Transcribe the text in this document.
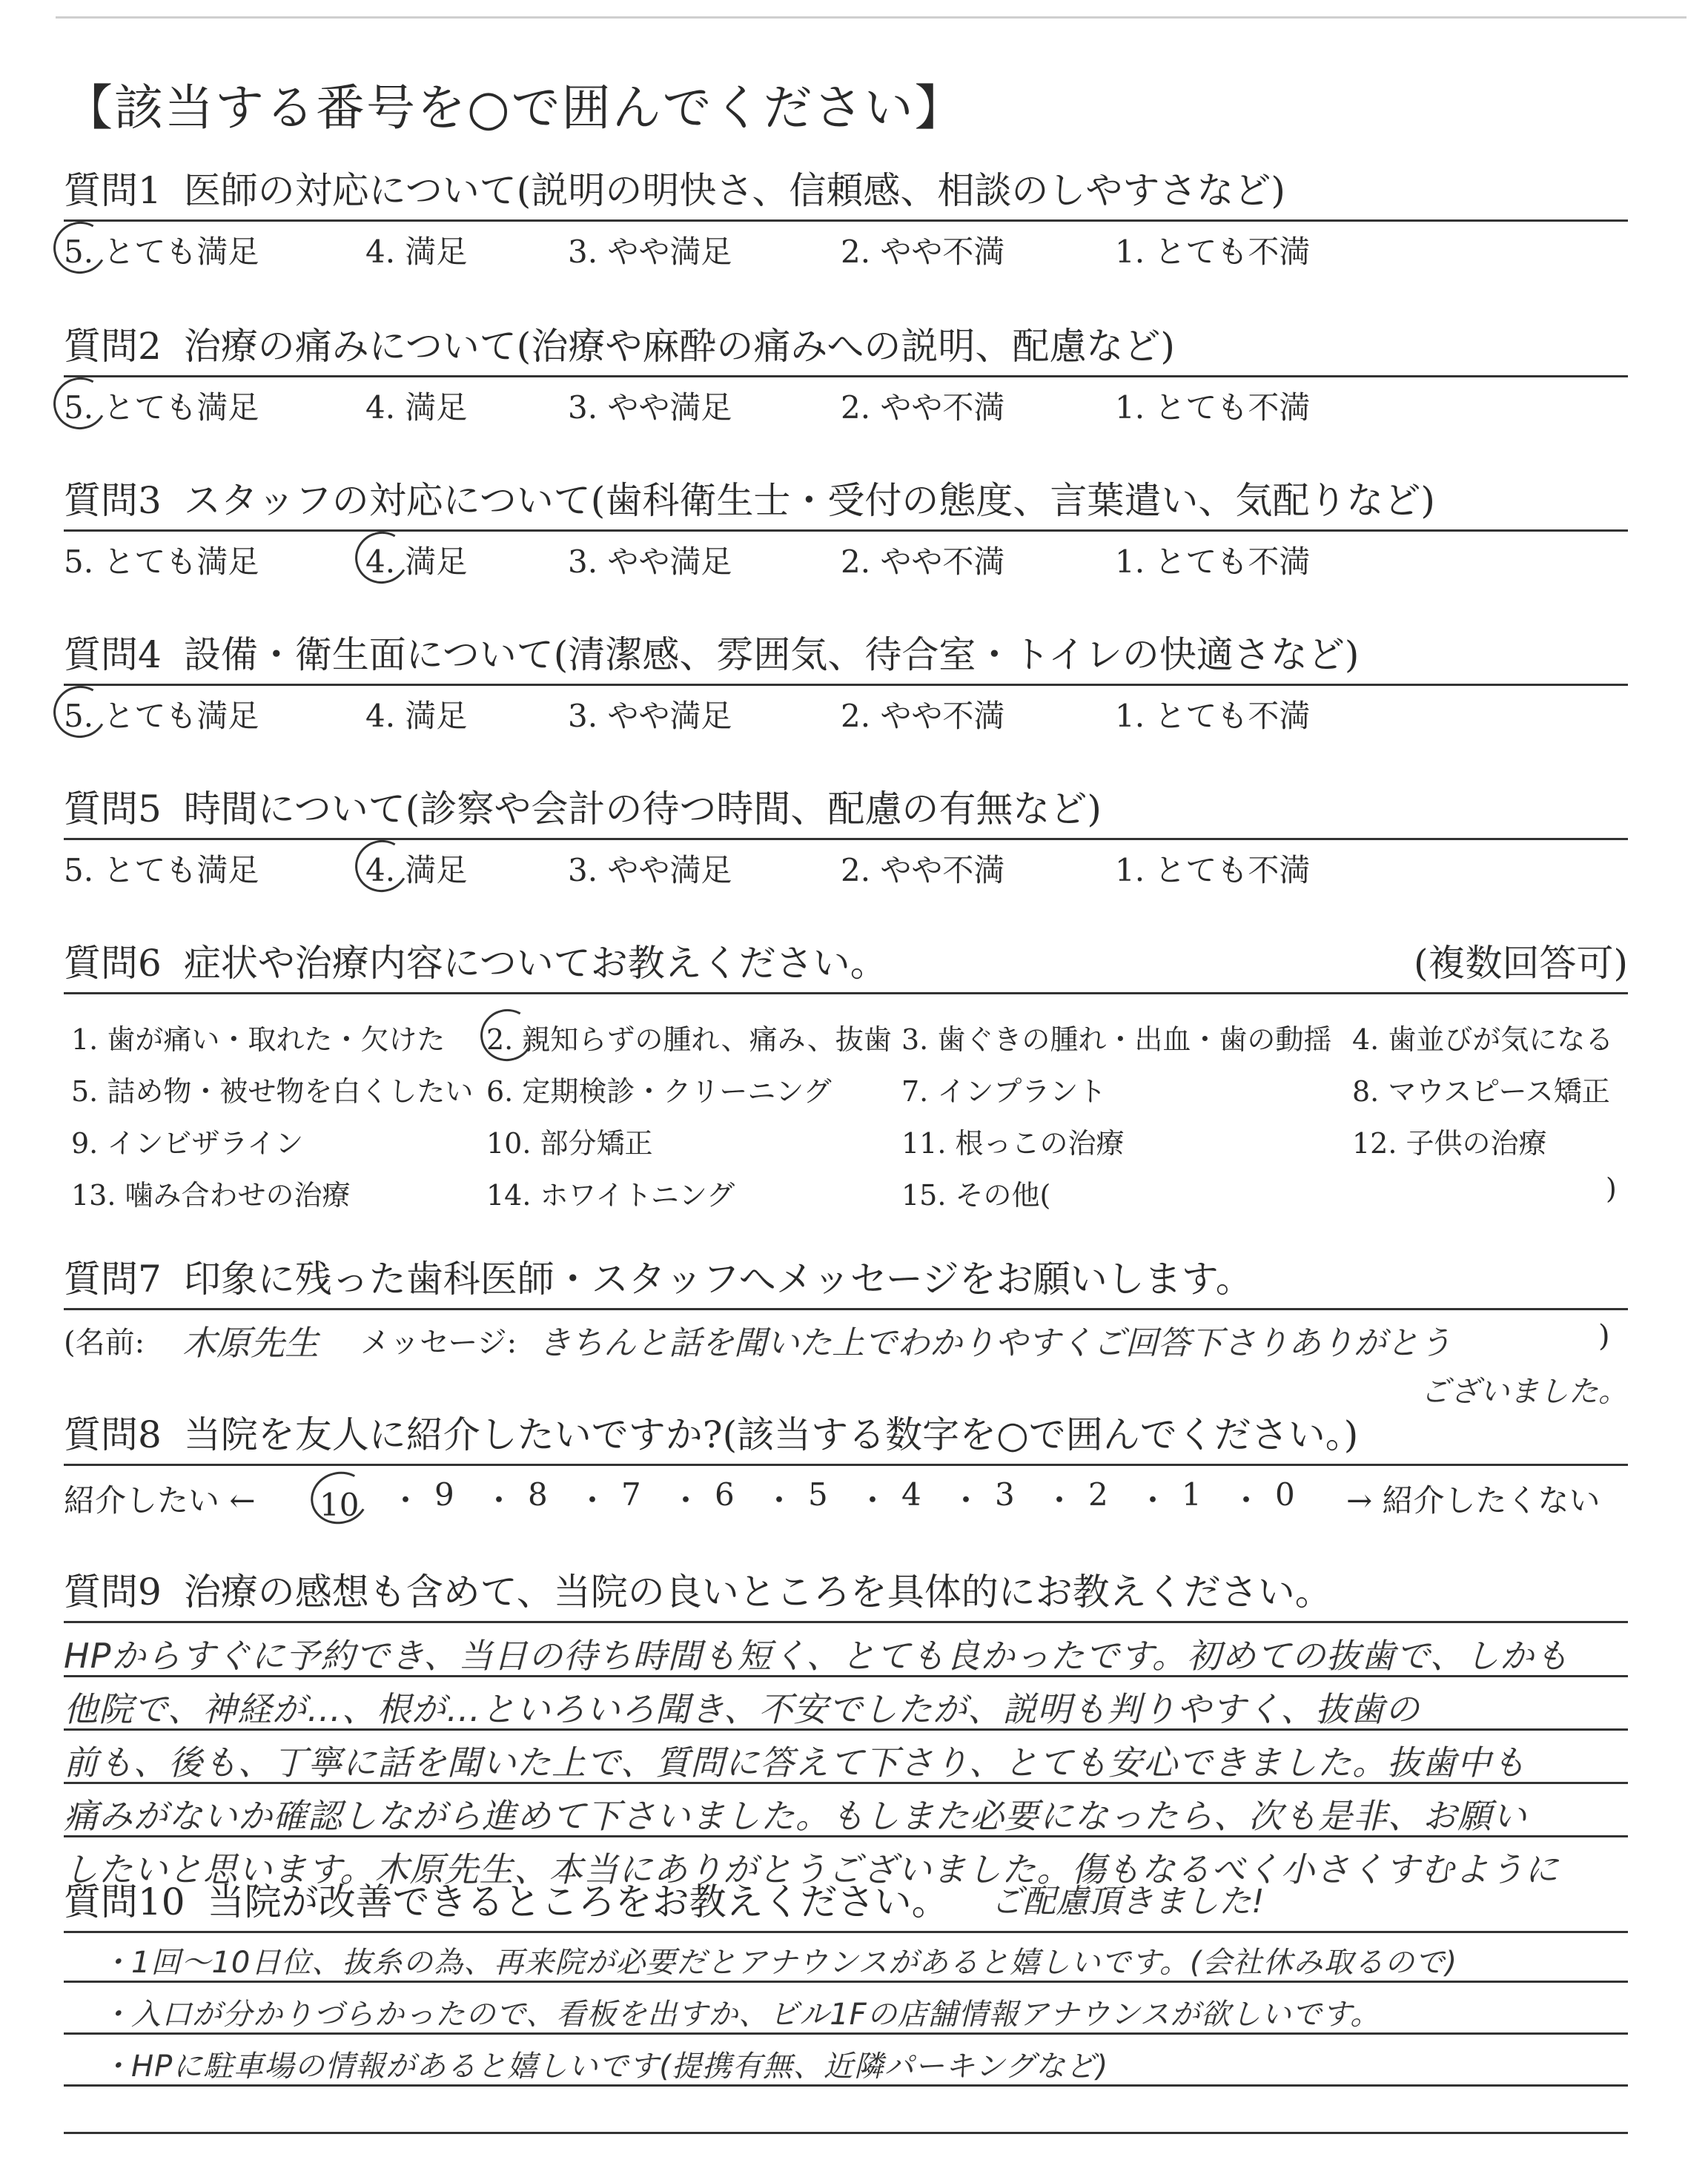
【該当する番号を○で囲んでください】
質問1 医師の対応について(説明の明快さ、信頼感、相談のしやすさなど)
5. とても満足	4. 満足	3. やや満足	2. やや不満	1. とても不満
質問2 治療の痛みについて(治療や麻酔の痛みへの説明、配慮など)
5. とても満足	4. 満足	3. やや満足	2. やや不満	1. とても不満
質問3 スタッフの対応について(歯科衛生士・受付の態度、言葉遣い、気配りなど)
5. とても満足	4. 満足	3. やや満足	2. やや不満	1. とても不満
質問4 設備・衛生面について(清潔感、雰囲気、待合室・トイレの快適さなど)
5. とても満足	4. 満足	3. やや満足	2. やや不満	1. とても不満
質問5 時間について(診察や会計の待つ時間、配慮の有無など)
5. とても満足	4. 満足	3. やや満足	2. やや不満	1. とても不満
質問6 症状や治療内容についてお教えください。	(複数回答可)
1. 歯が痛い・取れた・欠けた 2. 親知らずの腫れ、痛み、抜歯 3. 歯ぐきの腫れ・出血・歯の動揺 4. 歯並びが気になる
5. 詰め物・被せ物を白くしたい 6. 定期検診・クリーニング 7. インプラント	8. マウスピース矯正
9. インビザライン	10. 部分矯正	11. 根っこの治療	12. 子供の治療
13. 噛み合わせの治療	14. ホワイトニング	15. その他(	)
質問7 印象に残った歯科医師・スタッフへメッセージをお願いします。
(名前: 木原先生 メッセージ: きちんと話を聞いた上でわかりやすくご回答下さりありがとう	)
ございました。
質問8 当院を友人に紹介したいですか?(該当する数字を○で囲んでください。)
紹介したい ← 10 ・ 9 ・ 8 ・ 7 ・ 6 ・ 5 ・ 4 ・ 3 ・ 2 ・ 1 ・ 0 → 紹介したくない
質問9 治療の感想も含めて、当院の良いところを具体的にお教えください。
HPからすぐに予約でき、当日の待ち時間も短く、とても良かったです。初めての抜歯で、しかも
他院で、神経が…、根が…といろいろ聞き、不安でしたが、説明も判りやすく、抜歯の
前も、後も、丁寧に話を聞いた上で、質問に答えて下さり、とても安心できました。抜歯中も
痛みがないか確認しながら進めて下さいました。もしまた必要になったら、次も是非、お願い
したいと思います。木原先生、本当にありがとうございました。傷もなるべく小さくすむように
質問10 当院が改善できるところをお教えください。 ご配慮頂きました!
・1回～10日位、抜糸の為、再来院が必要だとアナウンスがあると嬉しいです。(会社休み取るので)
・入口が分かりづらかったので、看板を出すか、ビル1Fの店舗情報アナウンスが欲しいです。
・HPに駐車場の情報があると嬉しいです(提携有無、近隣パーキングなど)
